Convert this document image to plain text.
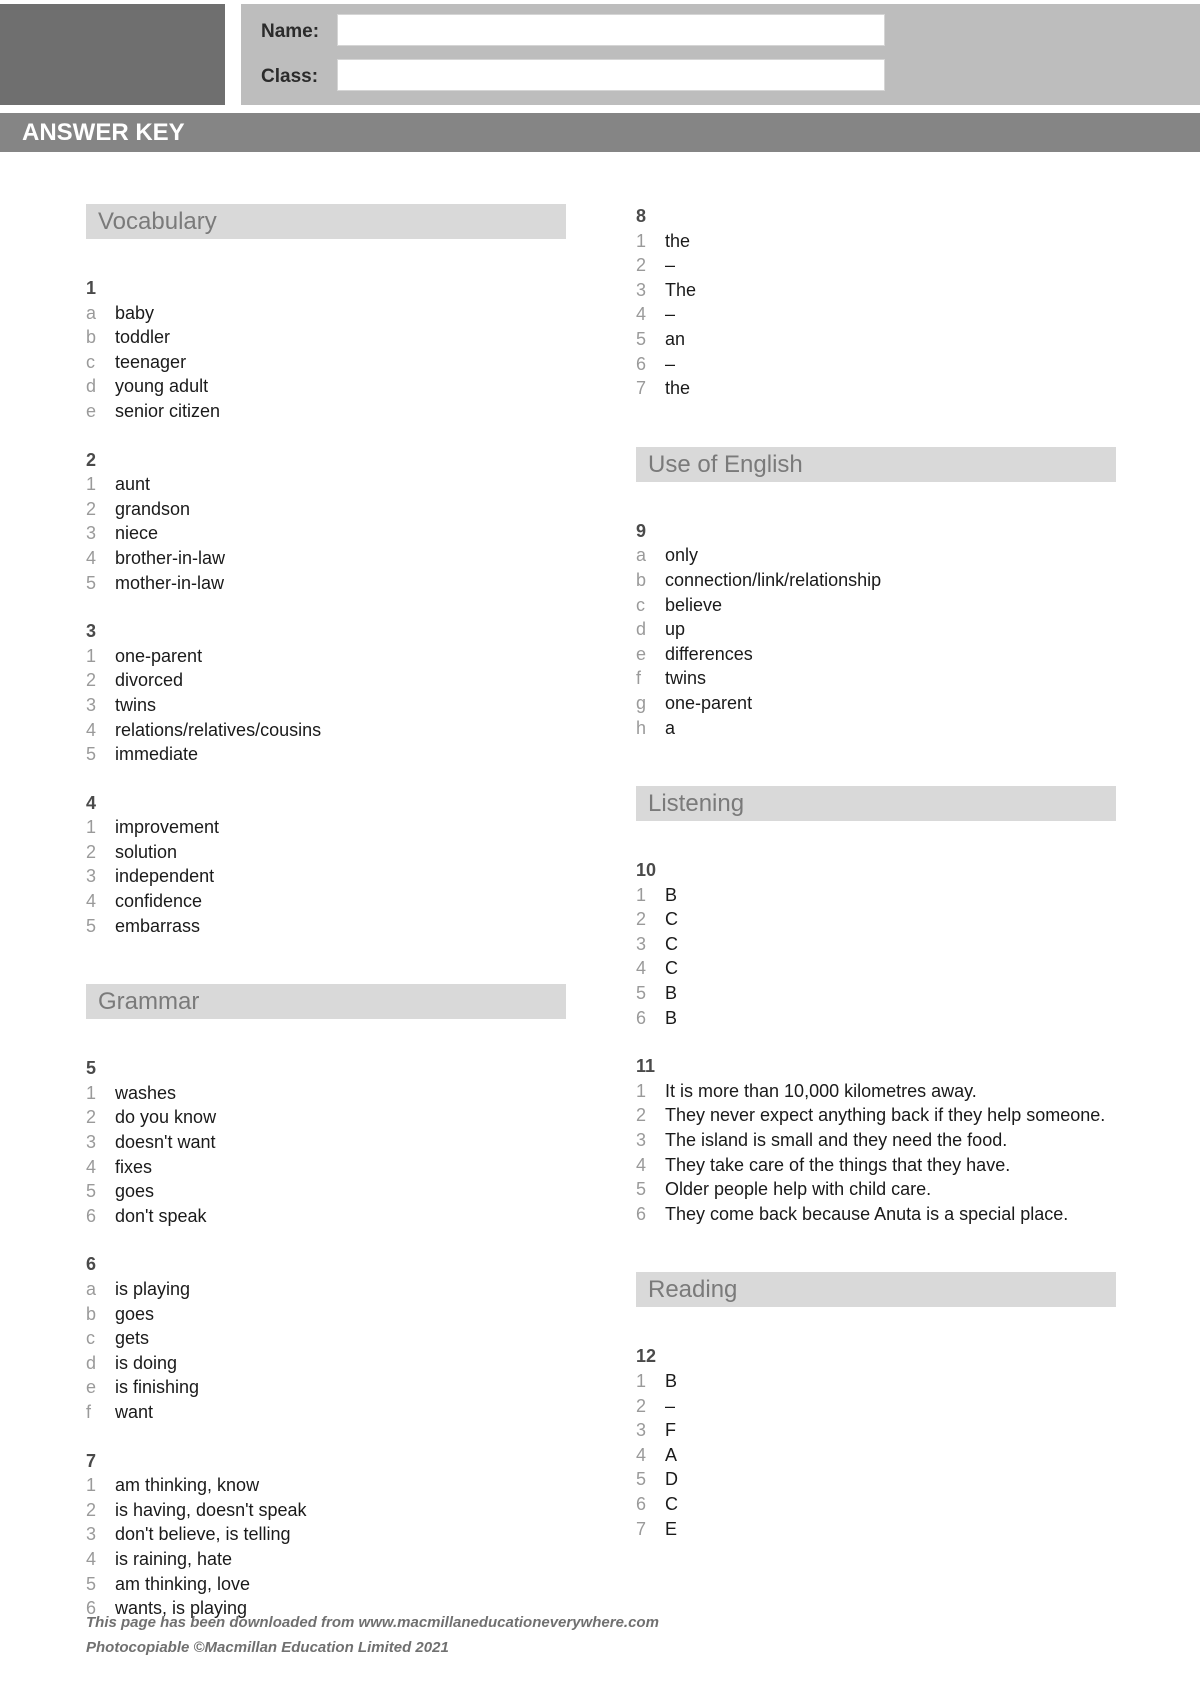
Name:
Class:
ANSWER KEY
Vocabulary
1
a	baby
b	toddler
c	teenager
d	young adult
e	senior citizen
2
1	aunt
2	grandson
3	niece
4	brother-in-law
5	mother-in-law
3
1	one-parent
2	divorced
3	twins
4	relations/relatives/cousins
5	immediate
4
1	improvement
2	solution
3	independent
4	confidence
5	embarrass
Grammar
5
1	washes
2	do you know
3	doesn't want
4	fixes
5	goes
6	don't speak
6
a	is playing
b	goes
c	gets
d	is doing
e	is finishing
f	want
7
1	am thinking, know
2	is having, doesn't speak
3	don't believe, is telling
4	is raining, hate
5	am thinking, love
6	wants, is playing
8
1	the
2	–
3	The
4	–
5	an
6	–
7	the
Use of English
9
a	only
b	connection/link/relationship
c	believe
d	up
e	differences
f	twins
g	one-parent
h	a
Listening
10
1	B
2	C
3	C
4	C
5	B
6	B
11
1	It is more than 10,000 kilometres away.
2	They never expect anything back if they help someone.
3	The island is small and they need the food.
4	They take care of the things that they have.
5	Older people help with child care.
6	They come back because Anuta is a special place.
Reading
12
1	B
2	–
3	F
4	A
5	D
6	C
7	E
This page has been downloaded from www.macmillaneducationeverywhere.com
Photocopiable ©Macmillan Education Limited 2021
